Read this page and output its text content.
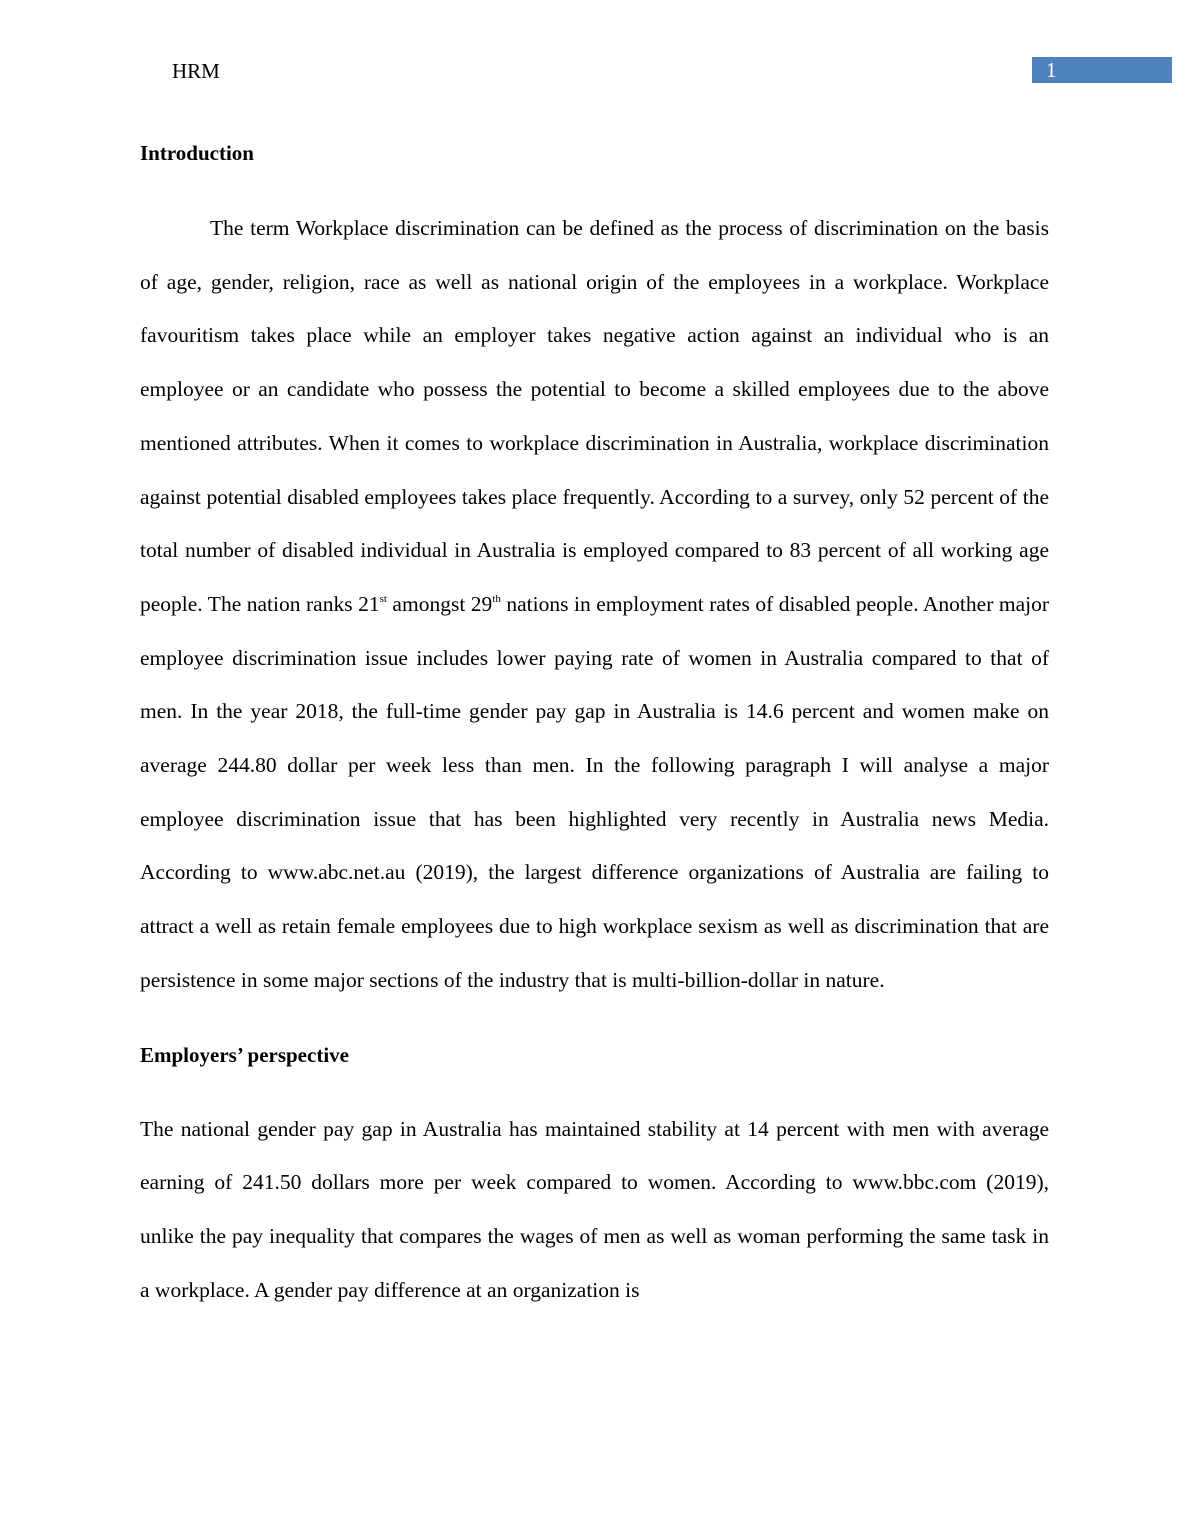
HRM	1
Introduction

The term Workplace discrimination can be defined as the process of discrimination on the basis of age, gender, religion, race as well as national origin of the employees in a workplace. Workplace favouritism takes place while an employer takes negative action against an individual who is an employee or an candidate who possess the potential to become a skilled employees due to the above mentioned attributes. When it comes to workplace discrimination in Australia, workplace discrimination against potential disabled employees takes place frequently. According to a survey, only 52 percent of the total number of disabled individual in Australia is employed compared to 83 percent of all working age people. The nation ranks 21st amongst 29th nations in employment rates of disabled people. Another major employee discrimination issue includes lower paying rate of women in Australia compared to that of men. In the year 2018, the full-time gender pay gap in Australia is 14.6 percent and women make on average 244.80 dollar per week less than men. In the following paragraph I will analyse a major employee discrimination issue that has been highlighted very recently in Australia news Media. According to www.abc.net.au (2019), the largest difference organizations of Australia are failing to attract a well as retain female employees due to high workplace sexism as well as discrimination that are persistence in some major sections of the industry that is multi-billion-dollar in nature.

Employers’ perspective

The national gender pay gap in Australia has maintained stability at 14 percent with men with average earning of 241.50 dollars more per week compared to women. According to www.bbc.com (2019), unlike the pay inequality that compares the wages of men as well as woman performing the same task in a workplace. A gender pay difference at an organization is
